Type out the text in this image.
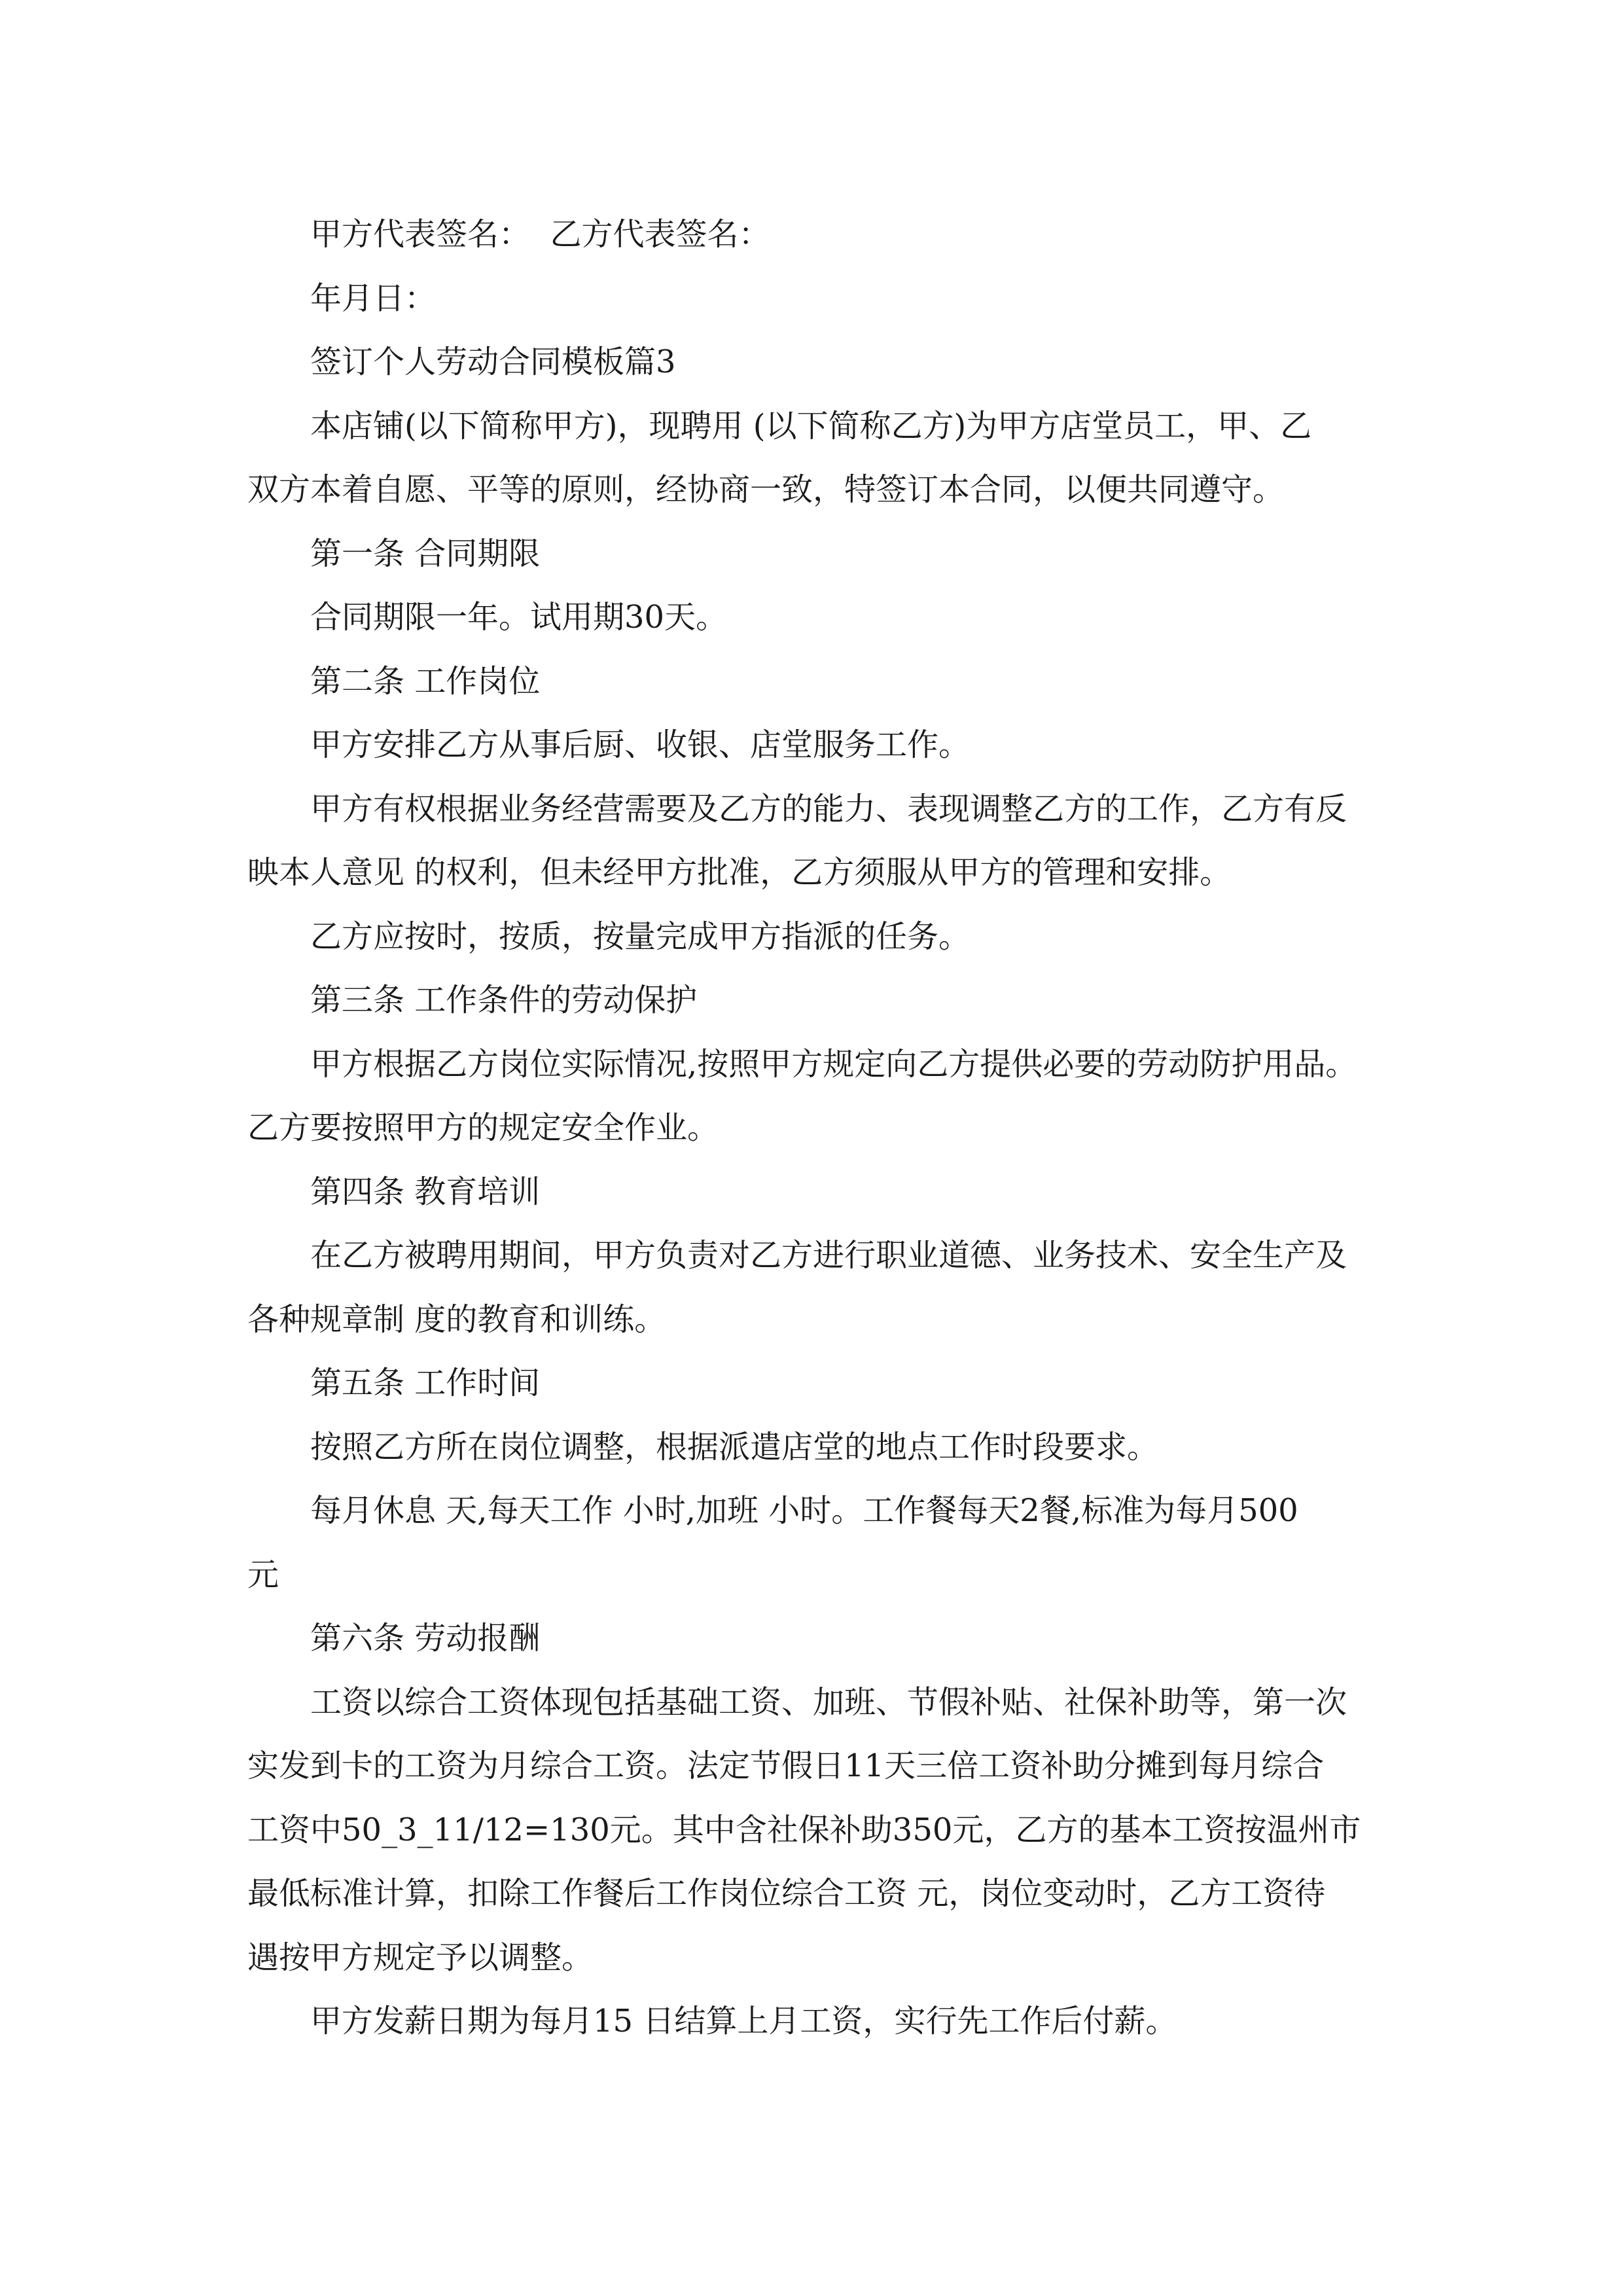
甲方代表签名：  乙方代表签名：
年月日：
签订个人劳动合同模板篇3
本店铺(以下简称甲方)，现聘用 (以下简称乙方)为甲方店堂员工，甲、乙
双方本着自愿、平等的原则，经协商一致，特签订本合同，以便共同遵守。
第一条 合同期限
合同期限一年。试用期30天。
第二条 工作岗位
甲方安排乙方从事后厨、收银、店堂服务工作。
甲方有权根据业务经营需要及乙方的能力、表现调整乙方的工作，乙方有反
映本人意见 的权利，但未经甲方批准，乙方须服从甲方的管理和安排。
乙方应按时，按质，按量完成甲方指派的任务。
第三条 工作条件的劳动保护
甲方根据乙方岗位实际情况,按照甲方规定向乙方提供必要的劳动防护用品。
乙方要按照甲方的规定安全作业。
第四条 教育培训
在乙方被聘用期间，甲方负责对乙方进行职业道德、业务技术、安全生产及
各种规章制 度的教育和训练。
第五条 工作时间
按照乙方所在岗位调整，根据派遣店堂的地点工作时段要求。
每月休息 天,每天工作 小时,加班 小时。工作餐每天2餐,标准为每月500
元
第六条 劳动报酬
工资以综合工资体现包括基础工资、加班、节假补贴、社保补助等，第一次
实发到卡的工资为月综合工资。法定节假日11天三倍工资补助分摊到每月综合
工资中50_3_11/12=130元。其中含社保补助350元，乙方的基本工资按温州市
最低标准计算，扣除工作餐后工作岗位综合工资 元，岗位变动时，乙方工资待
遇按甲方规定予以调整。
甲方发薪日期为每月15 日结算上月工资，实行先工作后付薪。
